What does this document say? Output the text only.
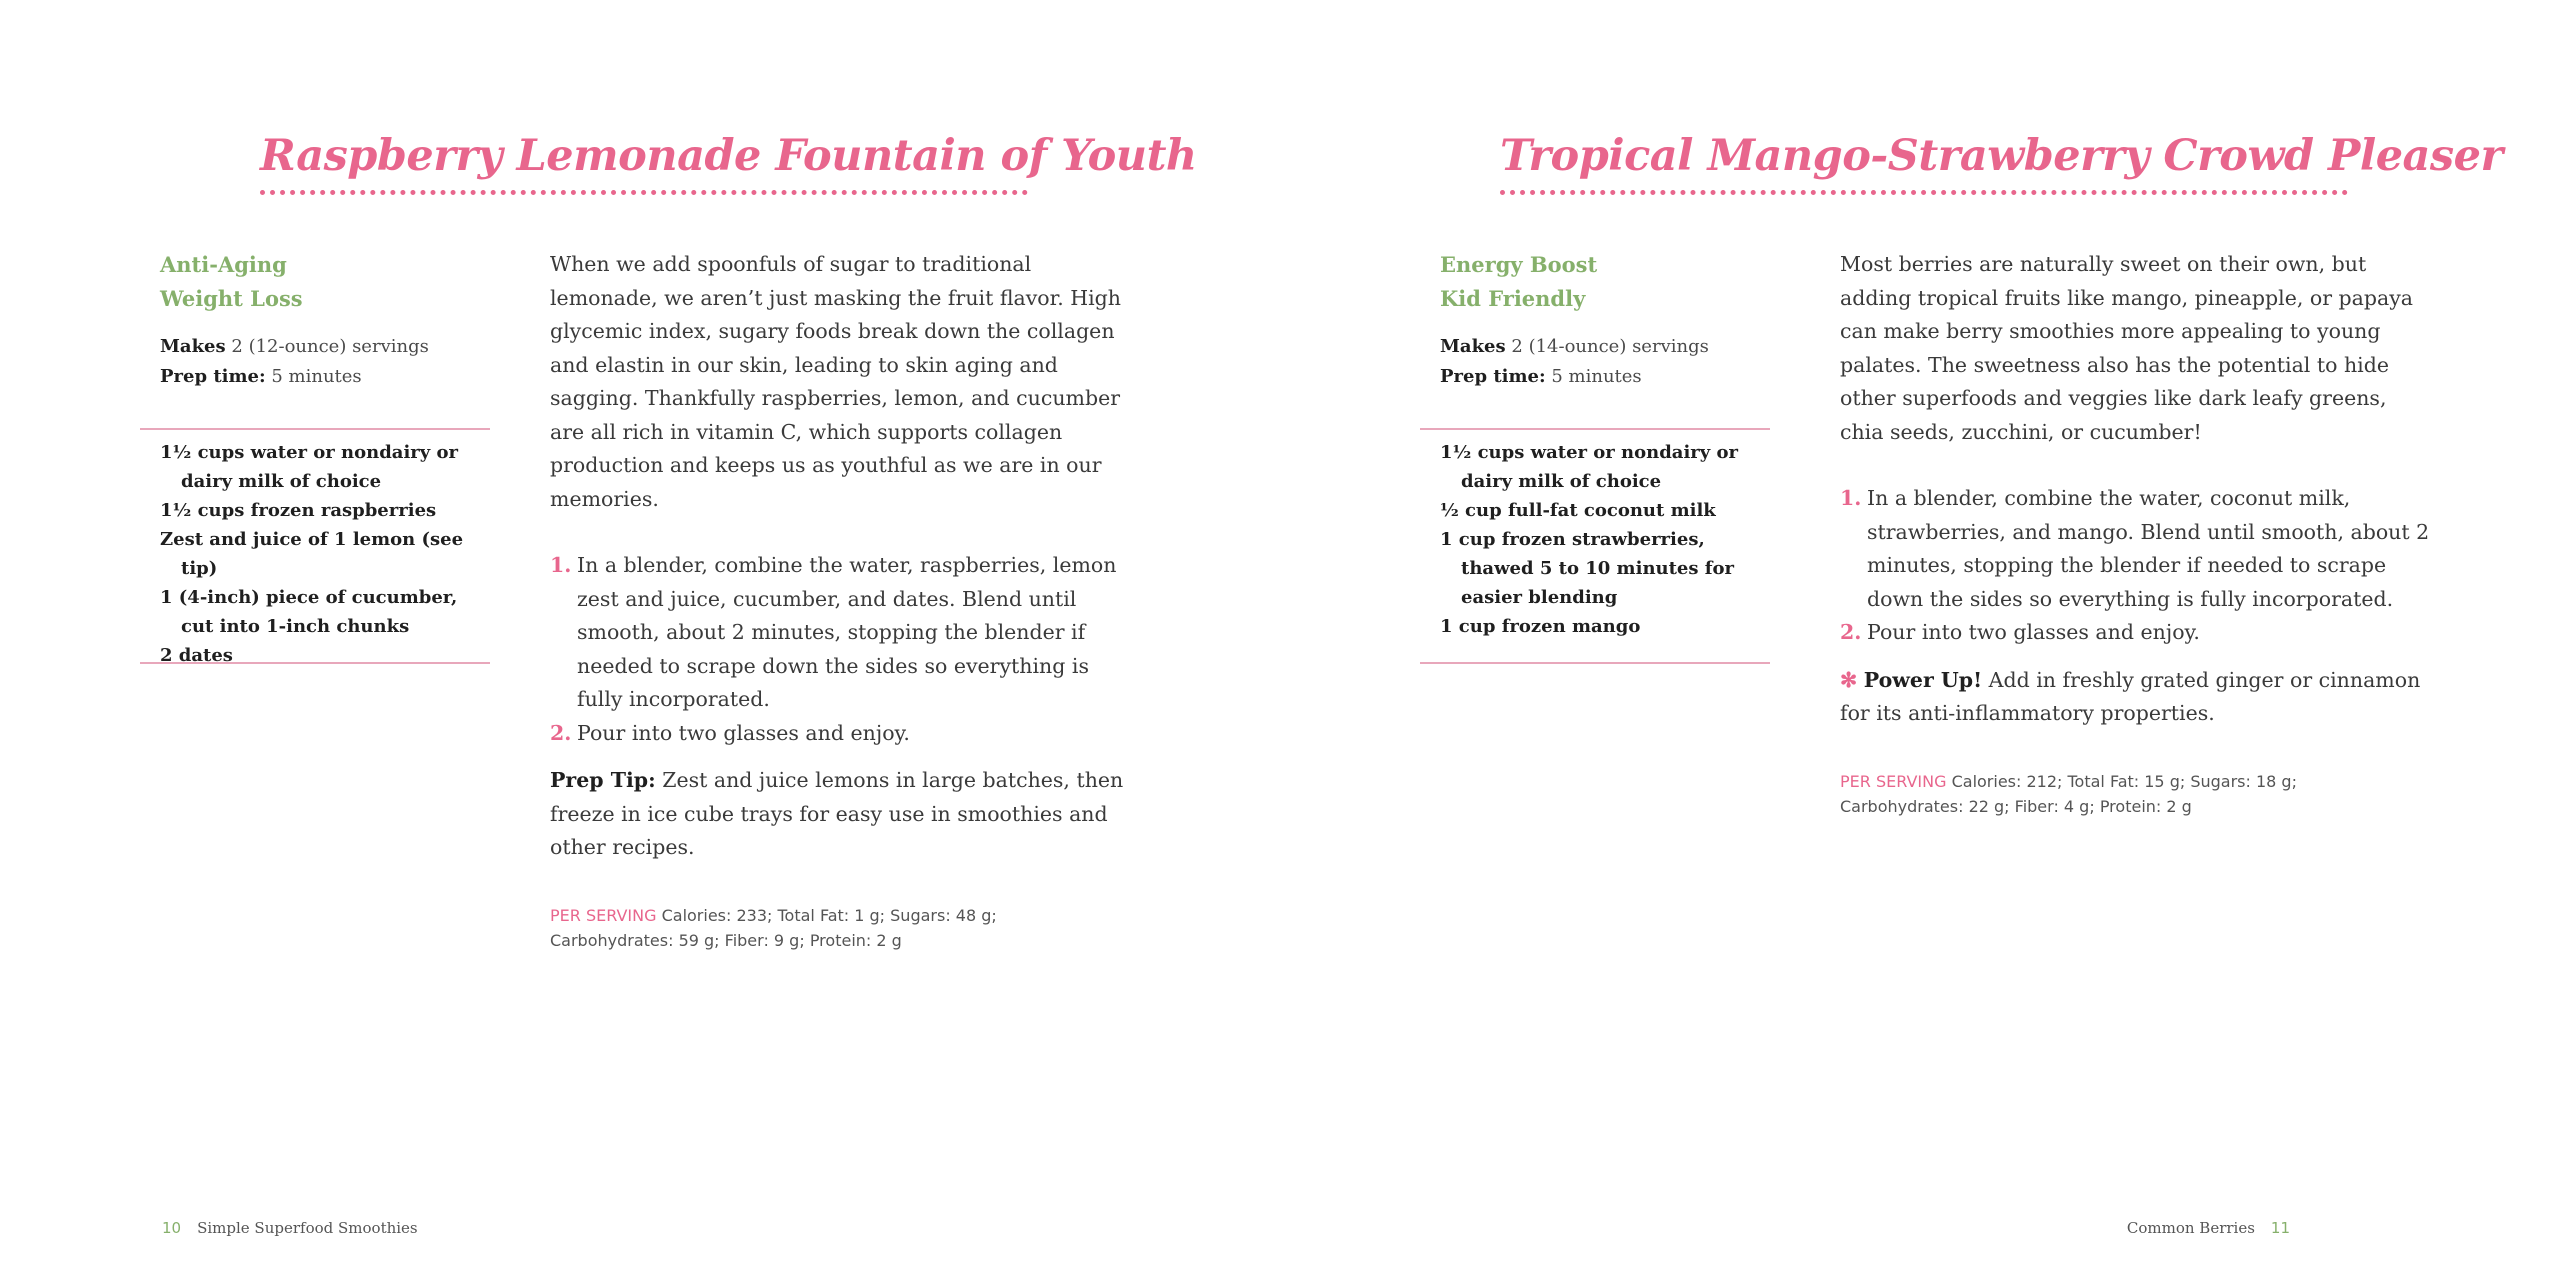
Raspberry Lemonade Fountain of Youth
Anti-Aging
Weight Loss
Makes 2 (12-ounce) servings
Prep time: 5 minutes
1½ cups water or nondairy or dairy milk of choice
1½ cups frozen raspberries
Zest and juice of 1 lemon (see tip)
1 (4-inch) piece of cucumber, cut into 1-inch chunks
2 dates

When we add spoonfuls of sugar to traditional lemonade, we aren’t just masking the fruit flavor. High glycemic index, sugary foods break down the collagen and elastin in our skin, leading to skin aging and sagging. Thankfully raspberries, lemon, and cucumber are all rich in vitamin C, which supports collagen production and keeps us as youthful as we are in our memories.

1. In a blender, combine the water, raspberries, lemon zest and juice, cucumber, and dates. Blend until smooth, about 2 minutes, stopping the blender if needed to scrape down the sides so everything is fully incorporated.
2. Pour into two glasses and enjoy.

Prep Tip: Zest and juice lemons in large batches, then freeze in ice cube trays for easy use in smoothies and other recipes.

PER SERVING Calories: 233; Total Fat: 1 g; Sugars: 48 g;
Carbohydrates: 59 g; Fiber: 9 g; Protein: 2 g
10 Simple Superfood Smoothies
Tropical Mango-Strawberry Crowd Pleaser
Energy Boost
Kid Friendly
Makes 2 (14-ounce) servings
Prep time: 5 minutes
1½ cups water or nondairy or dairy milk of choice
½ cup full-fat coconut milk
1 cup frozen strawberries, thawed 5 to 10 minutes for easier blending
1 cup frozen mango

Most berries are naturally sweet on their own, but adding tropical fruits like mango, pineapple, or papaya can make berry smoothies more appealing to young palates. The sweetness also has the potential to hide other superfoods and veggies like dark leafy greens, chia seeds, zucchini, or cucumber!

1. In a blender, combine the water, coconut milk, strawberries, and mango. Blend until smooth, about 2 minutes, stopping the blender if needed to scrape down the sides so everything is fully incorporated.
2. Pour into two glasses and enjoy.

✻ Power Up! Add in freshly grated ginger or cinnamon for its anti-inflammatory properties.

PER SERVING Calories: 212; Total Fat: 15 g; Sugars: 18 g;
Carbohydrates: 22 g; Fiber: 4 g; Protein: 2 g
Common Berries 11
